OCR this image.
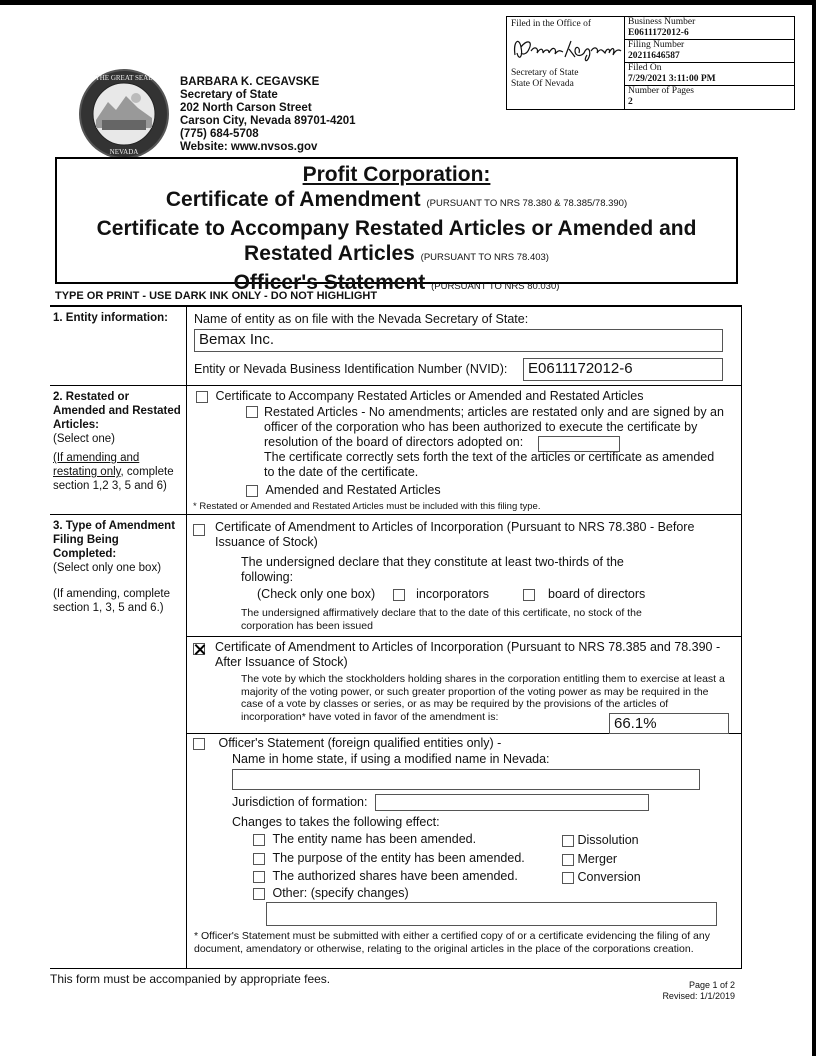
Filed in the Office of
Secretary of State
State Of Nevada
Business Number
E0611172012-6
Filing Number
20211646587
Filed On
7/29/2021 3:11:00 PM
Number of Pages
2
THE GREAT SEAL
NEVADA
BARBARA K. CEGAVSKE
Secretary of State
202 North Carson Street
Carson City, Nevada 89701-4201
(775) 684-5708
Website: www.nvsos.gov
Profit Corporation:
Certificate of Amendment (PURSUANT TO NRS 78.380 & 78.385/78.390)
Certificate to Accompany Restated Articles or Amended and
Restated Articles (PURSUANT TO NRS 78.403)
Officer's Statement (PURSUANT TO NRS 80.030)
TYPE OR PRINT - USE DARK INK ONLY - DO NOT HIGHLIGHT
1. Entity information:	Name of entity as on file with the Nevada Secretary of State:
Bemax Inc.
Entity or Nevada Business Identification Number (NVID):	E0611172012-6
2. Restated or Amended and Restated Articles:
(Select one)
(If amending and restating only, complete section 1,2 3, 5 and 6)
Certificate to Accompany Restated Articles or Amended and Restated Articles
Restated Articles - No amendments; articles are restated only and are signed by an officer of the corporation who has been authorized to execute the certificate by resolution of the board of directors adopted on:
The certificate correctly sets forth the text of the articles or certificate as amended to the date of the certificate.
Amended and Restated Articles
* Restated or Amended and Restated Articles must be included with this filing type.
3. Type of Amendment Filing Being Completed:
(Select only one box)
(If amending, complete section 1, 3, 5 and 6.)
Certificate of Amendment to Articles of Incorporation (Pursuant to NRS 78.380 - Before Issuance of Stock)
The undersigned declare that they constitute at least two-thirds of the following:
(Check only one box)	incorporators	board of directors
The undersigned affirmatively declare that to the date of this certificate, no stock of the corporation has been issued
Certificate of Amendment to Articles of Incorporation (Pursuant to NRS 78.385 and 78.390 - After Issuance of Stock)
The vote by which the stockholders holding shares in the corporation entitling them to exercise at least a majority of the voting power, or such greater proportion of the voting power as may be required in the case of a vote by classes or series, or as may be required by the provisions of the articles of incorporation* have voted in favor of the amendment is:	66.1%
Officer's Statement (foreign qualified entities only) -
Name in home state, if using a modified name in Nevada:
Jurisdiction of formation:
Changes to takes the following effect:
The entity name has been amended.
The purpose of the entity has been amended.
The authorized shares have been amended.
Other: (specify changes)
Dissolution
Merger
Conversion
* Officer's Statement must be submitted with either a certified copy of or a certificate evidencing the filing of any document, amendatory or otherwise, relating to the original articles in the place of the corporations creation.
This form must be accompanied by appropriate fees.	Page 1 of 2
Revised: 1/1/2019
